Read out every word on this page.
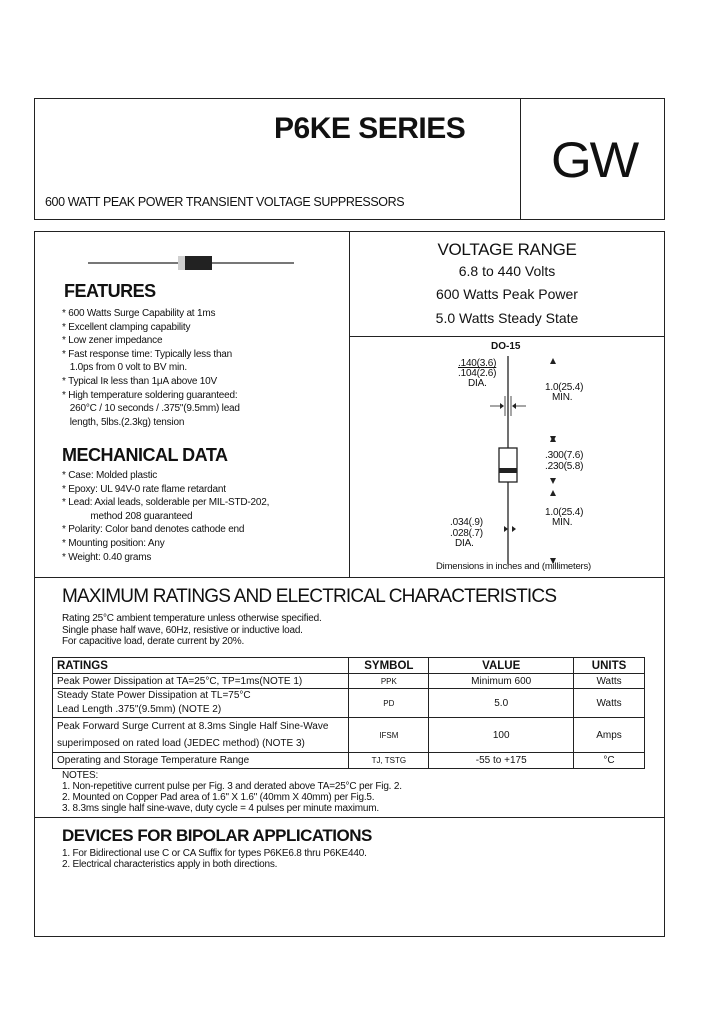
P6KE SERIES
600 WATT PEAK POWER TRANSIENT VOLTAGE SUPPRESSORS
GW
FEATURES
* 600 Watts Surge Capability at 1ms
* Excellent clamping capability
* Low zener impedance
* Fast response time: Typically less than
1.0ps from 0 volt to BV min.
* Typical Iʀ less than 1μA above 10V
* High temperature soldering guaranteed:
260°C / 10 seconds / .375"(9.5mm) lead
length, 5lbs.(2.3kg) tension
MECHANICAL DATA
* Case: Molded plastic
* Epoxy: UL 94V-0 rate flame retardant
* Lead: Axial leads, solderable per MIL-STD-202,
method 208 guaranteed
* Polarity: Color band denotes cathode end
* Mounting position: Any
* Weight: 0.40 grams
VOLTAGE RANGE
6.8 to 440 Volts
600 Watts Peak Power
5.0 Watts Steady State
DO-15
.140(3.6)
.104(2.6)
DIA.	1.0(25.4)
MIN.
.300(7.6)
.230(5.8)
1.0(25.4)
MIN.
.034(.9)
.028(.7)
DIA.
Dimensions in inches and (millimeters)
MAXIMUM RATINGS AND ELECTRICAL CHARACTERISTICS
Rating 25°C ambient temperature unless otherwise specified.
Single phase half wave, 60Hz, resistive or inductive load.
For capacitive load, derate current by 20%.
RATINGS	SYMBOL	VALUE	UNITS
Peak Power Dissipation at TA=25°C, TP=1ms(NOTE 1)	PPK	Minimum 600	Watts

Steady State Power Dissipation at TL=75°C
Lead Length .375"(9.5mm) (NOTE 2)	PD	5.0	Watts

Peak Forward Surge Current at 8.3ms Single Half Sine-Wave
superimposed on rated load (JEDEC method) (NOTE 3)	IFSM	100	Amps
Operating and Storage Temperature Range	TJ, TSTG	-55 to +175	°C
NOTES:
1. Non-repetitive current pulse per Fig. 3 and derated above TA=25°C per Fig. 2.
2. Mounted on Copper Pad area of 1.6" X 1.6" (40mm X 40mm) per Fig.5.
3. 8.3ms single half sine-wave, duty cycle = 4 pulses per minute maximum.
DEVICES FOR BIPOLAR APPLICATIONS
1. For Bidirectional use C or CA Suffix for types P6KE6.8 thru P6KE440.
2. Electrical characteristics apply in both directions.
